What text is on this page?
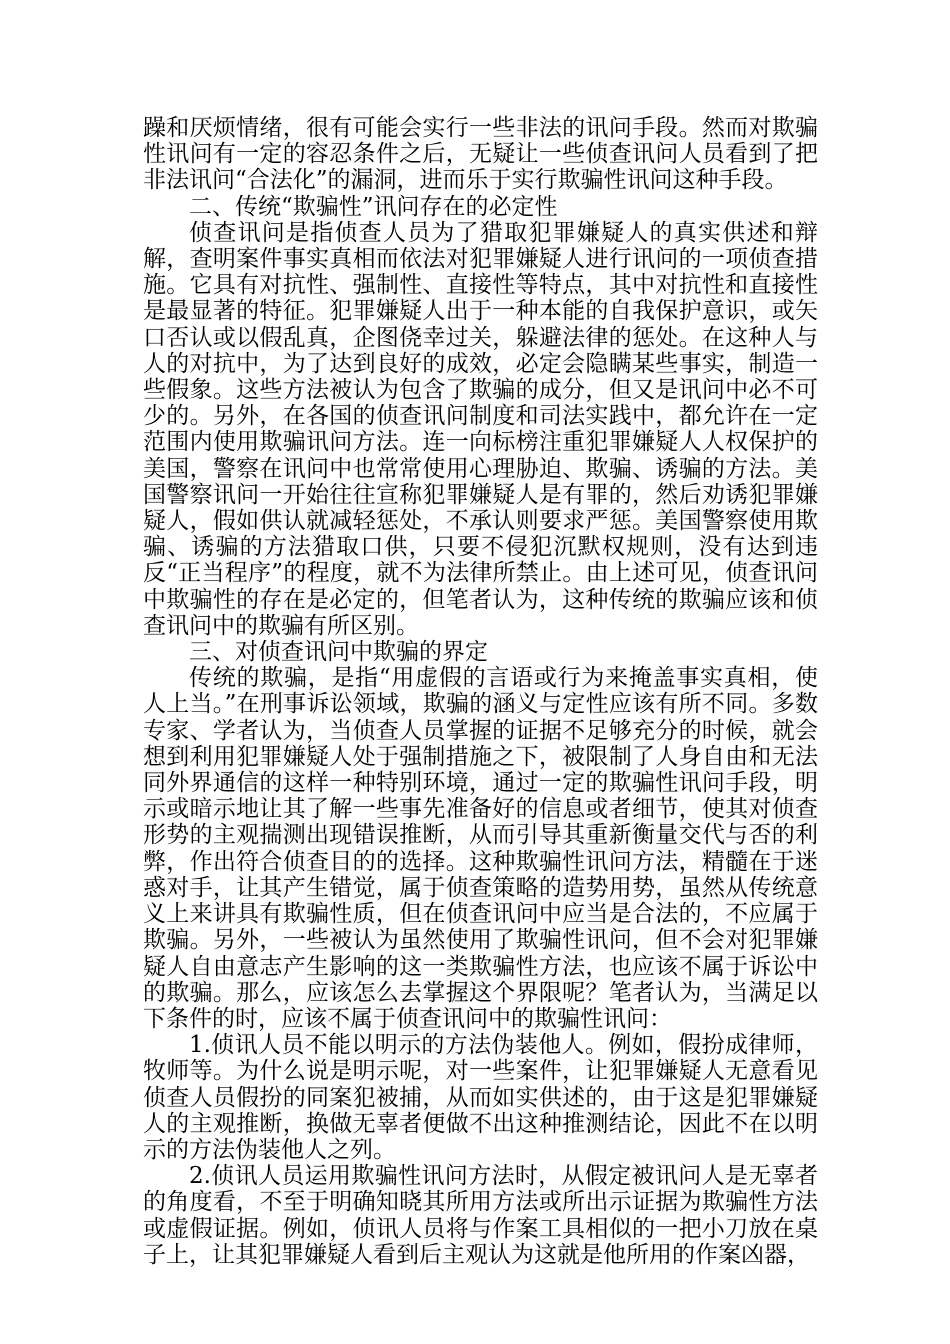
躁和厌烦情绪，很有可能会实行一些非法的讯问手段。然而对欺骗性讯问有一定的容忍条件之后，无疑让一些侦查讯问人员看到了把非法讯问“合法化”的漏洞，进而乐于实行欺骗性讯问这种手段。

二、传统“欺骗性”讯问存在的必定性

侦查讯问是指侦查人员为了猎取犯罪嫌疑人的真实供述和辩解，查明案件事实真相而依法对犯罪嫌疑人进行讯问的一项侦查措施。它具有对抗性、强制性、直接性等特点，其中对抗性和直接性是最显著的特征。犯罪嫌疑人出于一种本能的自我保护意识，或矢口否认或以假乱真，企图侥幸过关，躲避法律的惩处。在这种人与人的对抗中，为了达到良好的成效，必定会隐瞒某些事实，制造一些假象。这些方法被认为包含了欺骗的成分，但又是讯问中必不可少的。另外，在各国的侦查讯问制度和司法实践中，都允许在一定范围内使用欺骗讯问方法。连一向标榜注重犯罪嫌疑人人权保护的美国，警察在讯问中也常常使用心理胁迫、欺骗、诱骗的方法。美国警察讯问一开始往往宣称犯罪嫌疑人是有罪的，然后劝诱犯罪嫌疑人，假如供认就减轻惩处，不承认则要求严惩。美国警察使用欺骗、诱骗的方法猎取口供，只要不侵犯沉默权规则，没有达到违反“正当程序”的程度，就不为法律所禁止。由上述可见，侦查讯问中欺骗性的存在是必定的，但笔者认为，这种传统的欺骗应该和侦查讯问中的欺骗有所区别。

三、对侦查讯问中欺骗的界定

传统的欺骗，是指“用虚假的言语或行为来掩盖事实真相，使人上当。”在刑事诉讼领域，欺骗的涵义与定性应该有所不同。多数专家、学者认为，当侦查人员掌握的证据不足够充分的时候，就会想到利用犯罪嫌疑人处于强制措施之下，被限制了人身自由和无法同外界通信的这样一种特别环境，通过一定的欺骗性讯问手段，明示或暗示地让其了解一些事先准备好的信息或者细节，使其对侦查形势的主观揣测出现错误推断，从而引导其重新衡量交代与否的利弊，作出符合侦查目的的选择。这种欺骗性讯问方法，精髓在于迷惑对手，让其产生错觉，属于侦查策略的造势用势，虽然从传统意义上来讲具有欺骗性质，但在侦查讯问中应当是合法的，不应属于欺骗。另外，一些被认为虽然使用了欺骗性讯问，但不会对犯罪嫌疑人自由意志产生影响的这一类欺骗性方法，也应该不属于诉讼中的欺骗。那么，应该怎么去掌握这个界限呢？笔者认为，当满足以下条件的时，应该不属于侦查讯问中的欺骗性讯问：

1.侦讯人员不能以明示的方法伪装他人。例如，假扮成律师，牧师等。为什么说是明示呢，对一些案件，让犯罪嫌疑人无意看见侦查人员假扮的同案犯被捕，从而如实供述的，由于这是犯罪嫌疑人的主观推断，换做无辜者便做不出这种推测结论，因此不在以明示的方法伪装他人之列。

2.侦讯人员运用欺骗性讯问方法时，从假定被讯问人是无辜者的角度看，不至于明确知晓其所用方法或所出示证据为欺骗性方法或虚假证据。例如，侦讯人员将与作案工具相似的一把小刀放在桌子上，让其犯罪嫌疑人看到后主观认为这就是他所用的作案凶器，
